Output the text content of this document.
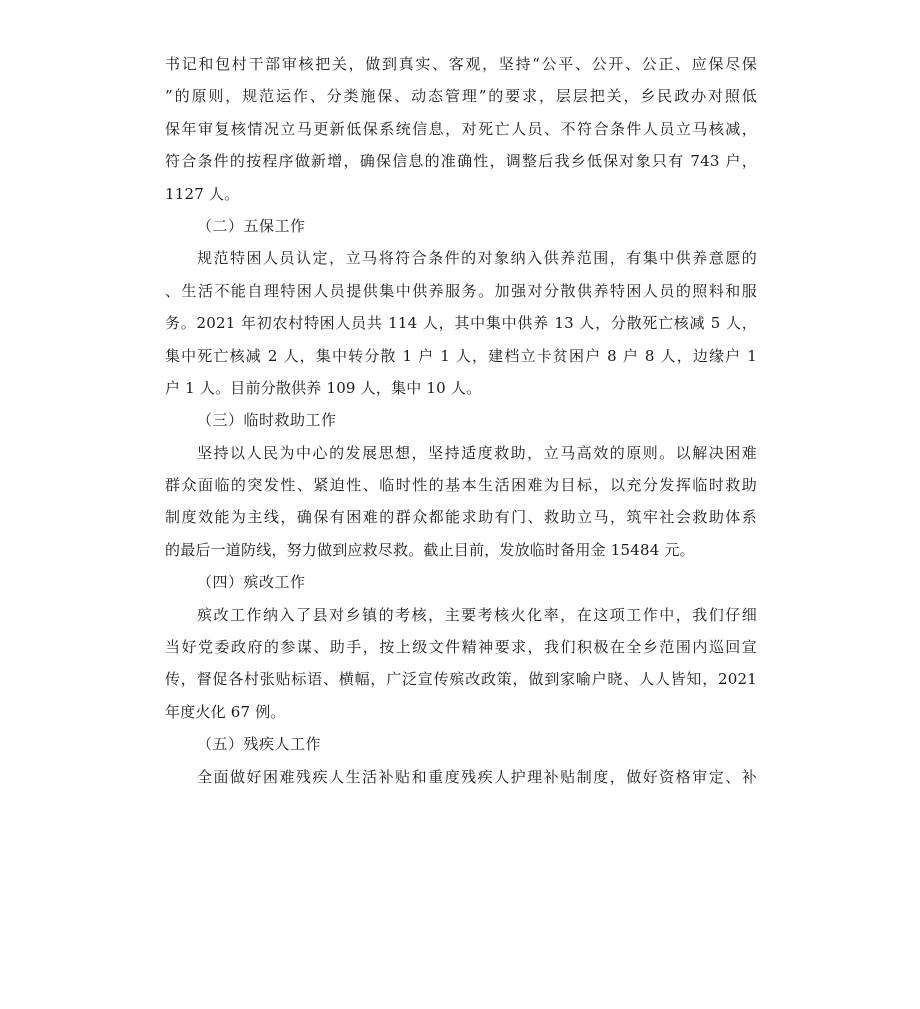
书记和包村干部审核把关，做到真实、客观，坚持“公平、公开、公正、应保尽保
”的原则，规范运作、分类施保、动态管理”的要求，层层把关，乡民政办对照低
保年审复核情况立马更新低保系统信息，对死亡人员、不符合条件人员立马核减，
符合条件的按程序做新增，确保信息的准确性，调整后我乡低保对象只有 743 户，
1127 人。
（二）五保工作
规范特困人员认定，立马将符合条件的对象纳入供养范围，有集中供养意愿的
、生活不能自理特困人员提供集中供养服务。加强对分散供养特困人员的照料和服
务。2021 年初农村特困人员共 114 人，其中集中供养 13 人，分散死亡核减 5 人，
集中死亡核减 2 人，集中转分散 1 户 1 人，建档立卡贫困户 8 户 8 人，边缘户 1
户 1 人。目前分散供养 109 人，集中 10 人。
（三）临时救助工作
坚持以人民为中心的发展思想，坚持适度救助，立马高效的原则。以解决困难
群众面临的突发性、紧迫性、临时性的基本生活困难为目标，以充分发挥临时救助
制度效能为主线，确保有困难的群众都能求助有门、救助立马，筑牢社会救助体系
的最后一道防线，努力做到应救尽救。截止目前，发放临时备用金 15484 元。
（四）殡改工作
殡改工作纳入了县对乡镇的考核，主要考核火化率，在这项工作中，我们仔细
当好党委政府的参谋、助手，按上级文件精神要求，我们积极在全乡范围内巡回宣
传，督促各村张贴标语、横幅，广泛宣传殡改政策，做到家喻户晓、人人皆知，2021
年度火化 67 例。
（五）残疾人工作
全面做好困难残疾人生活补贴和重度残疾人护理补贴制度，做好资格审定、补
